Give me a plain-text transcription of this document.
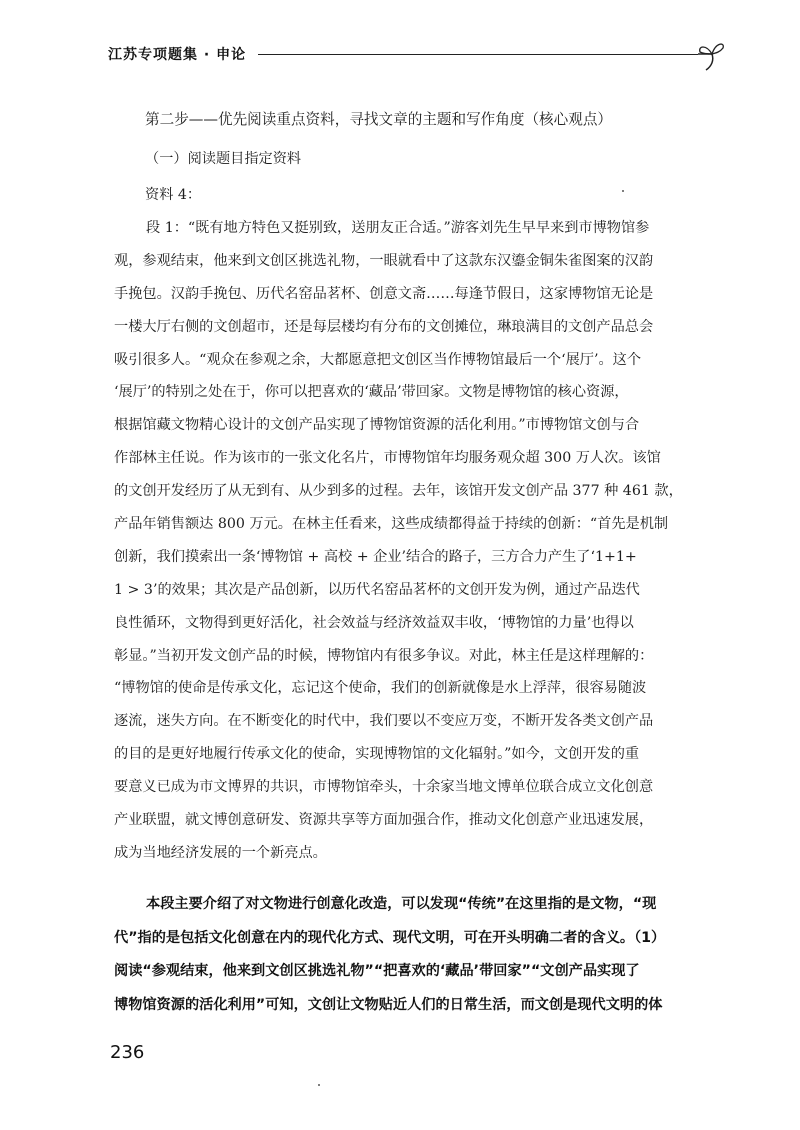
江苏专项题集 · 申论
第二步——优先阅读重点资料，寻找文章的主题和写作角度（核心观点）
（一）阅读题目指定资料
资料 4：
段 1：“既有地方特色又挺别致，送朋友正合适。”游客刘先生早早来到市博物馆参
观，参观结束，他来到文创区挑选礼物，一眼就看中了这款东汉鎏金铜朱雀图案的汉韵
手挽包。汉韵手挽包、历代名窑品茗杯、创意文斋……每逢节假日，这家博物馆无论是
一楼大厅右侧的文创超市，还是每层楼均有分布的文创摊位，琳琅满目的文创产品总会
吸引很多人。“观众在参观之余，大都愿意把文创区当作博物馆最后一个‘展厅’。这个
‘展厅’的特别之处在于，你可以把喜欢的‘藏品’带回家。文物是博物馆的核心资源，
根据馆藏文物精心设计的文创产品实现了博物馆资源的活化利用。”市博物馆文创与合
作部林主任说。作为该市的一张文化名片，市博物馆年均服务观众超 300 万人次。该馆
的文创开发经历了从无到有、从少到多的过程。去年，该馆开发文创产品 377 种 461 款，
产品年销售额达 800 万元。在林主任看来，这些成绩都得益于持续的创新：“首先是机制
创新，我们摸索出一条‘博物馆 + 高校 + 企业’结合的路子，三方合力产生了‘1+1+
1 > 3’的效果；其次是产品创新，以历代名窑品茗杯的文创开发为例，通过产品迭代
良性循环，文物得到更好活化，社会效益与经济效益双丰收，‘博物馆的力量’也得以
彰显。”当初开发文创产品的时候，博物馆内有很多争议。对此，林主任是这样理解的：
“博物馆的使命是传承文化，忘记这个使命，我们的创新就像是水上浮萍，很容易随波
逐流，迷失方向。在不断变化的时代中，我们要以不变应万变，不断开发各类文创产品
的目的是更好地履行传承文化的使命，实现博物馆的文化辐射。”如今，文创开发的重
要意义已成为市文博界的共识，市博物馆牵头，十余家当地文博单位联合成立文化创意
产业联盟，就文博创意研发、资源共享等方面加强合作，推动文化创意产业迅速发展，
成为当地经济发展的一个新亮点。
本段主要介绍了对文物进行创意化改造，可以发现“传统”在这里指的是文物，“现
代”指的是包括文化创意在内的现代化方式、现代文明，可在开头明确二者的含义。（1）
阅读“参观结束，他来到文创区挑选礼物”“把喜欢的‘藏品’带回家”“文创产品实现了
博物馆资源的活化利用”可知，文创让文物贴近人们的日常生活，而文创是现代文明的体
236
